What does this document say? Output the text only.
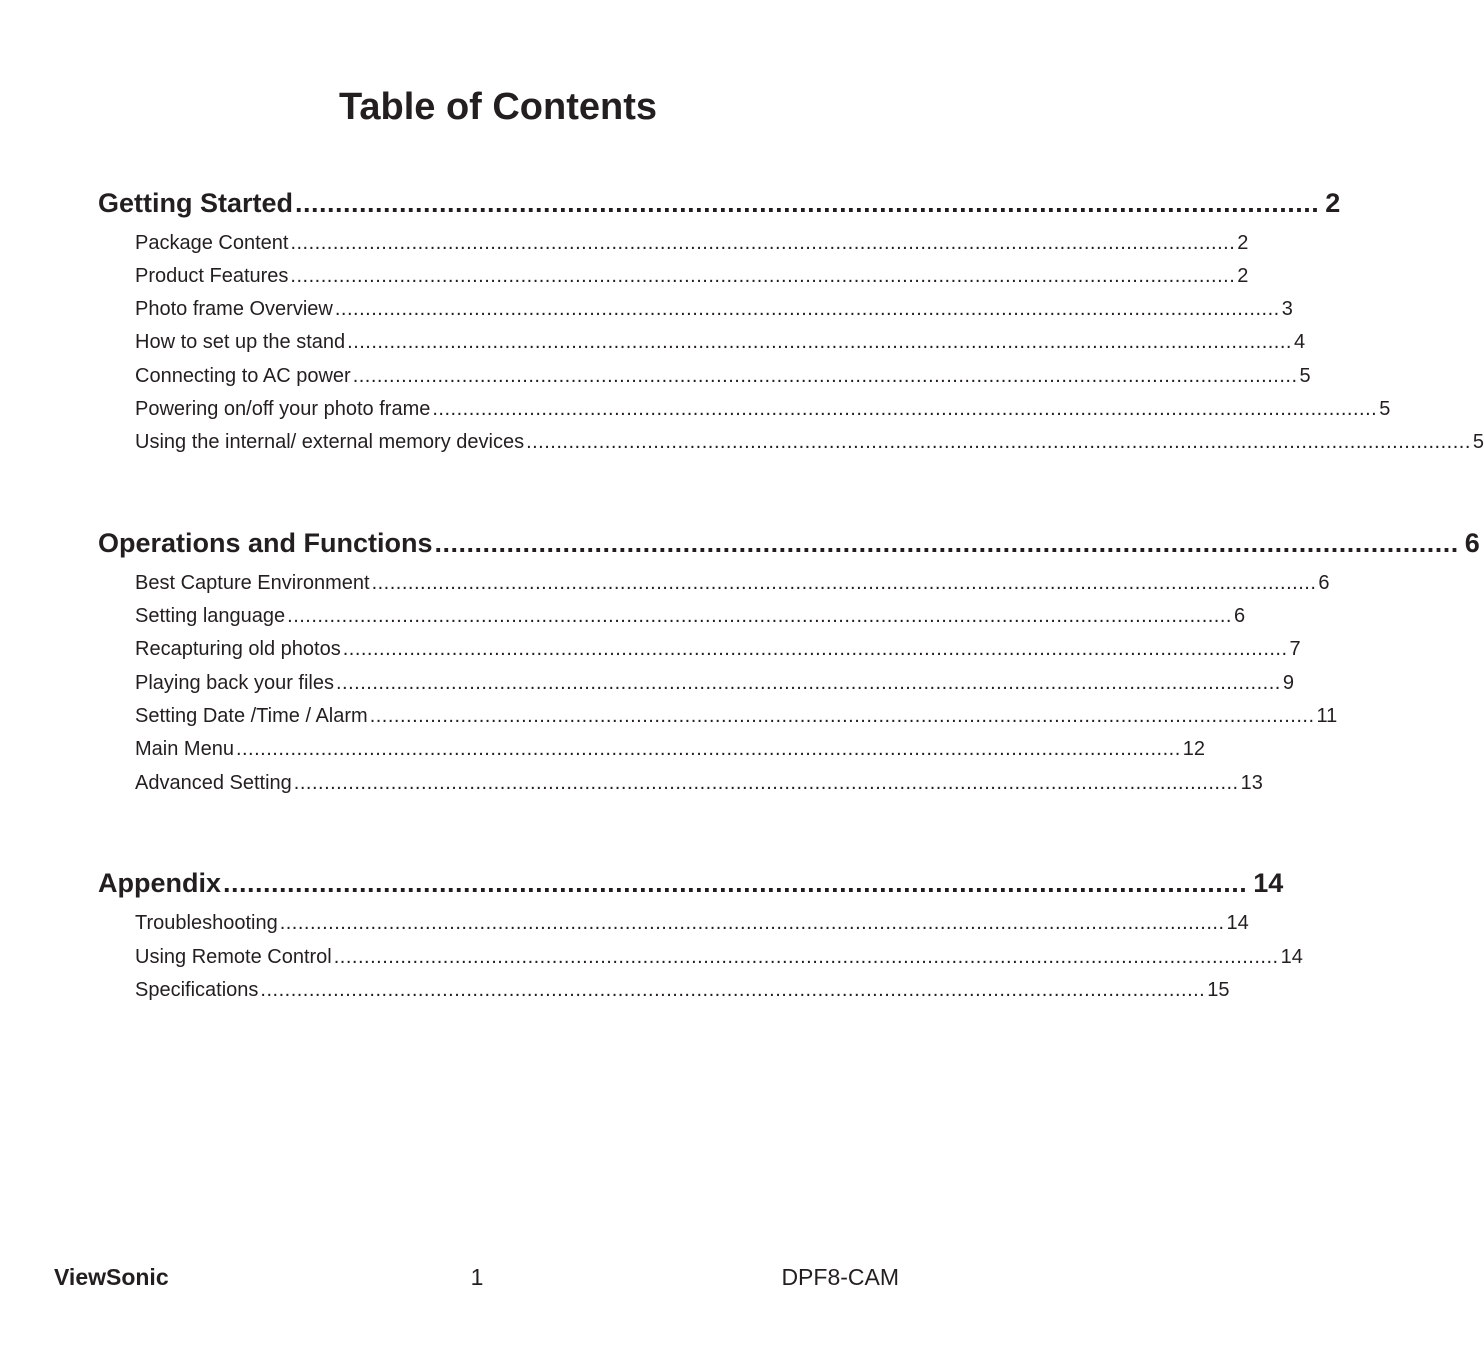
Table of Contents
Getting Started ................................................................................................................................ 2
Package Content ............................................................................................................................................................ 2
Product Features ............................................................................................................................................................ 2
Photo frame Overview ............................................................................................................................................................ 3
How to set up the stand ............................................................................................................................................................ 4
Connecting to AC power ............................................................................................................................................................ 5
Powering on/off your photo frame ............................................................................................................................................................ 5
Using the internal/ external memory devices ............................................................................................................................................................ 5
Operations and Functions ................................................................................................................................ 6
Best Capture Environment ............................................................................................................................................................ 6
Setting language ............................................................................................................................................................ 6
Recapturing old photos ............................................................................................................................................................ 7
Playing back your files ............................................................................................................................................................ 9
Setting Date /Time / Alarm ............................................................................................................................................................ 11
Main Menu ............................................................................................................................................................ 12
Advanced Setting ............................................................................................................................................................ 13
Appendix ................................................................................................................................ 14
Troubleshooting ............................................................................................................................................................ 14
Using Remote Control ............................................................................................................................................................ 14
Specifications ............................................................................................................................................................ 15
ViewSonic	1	DPF8-CAM
